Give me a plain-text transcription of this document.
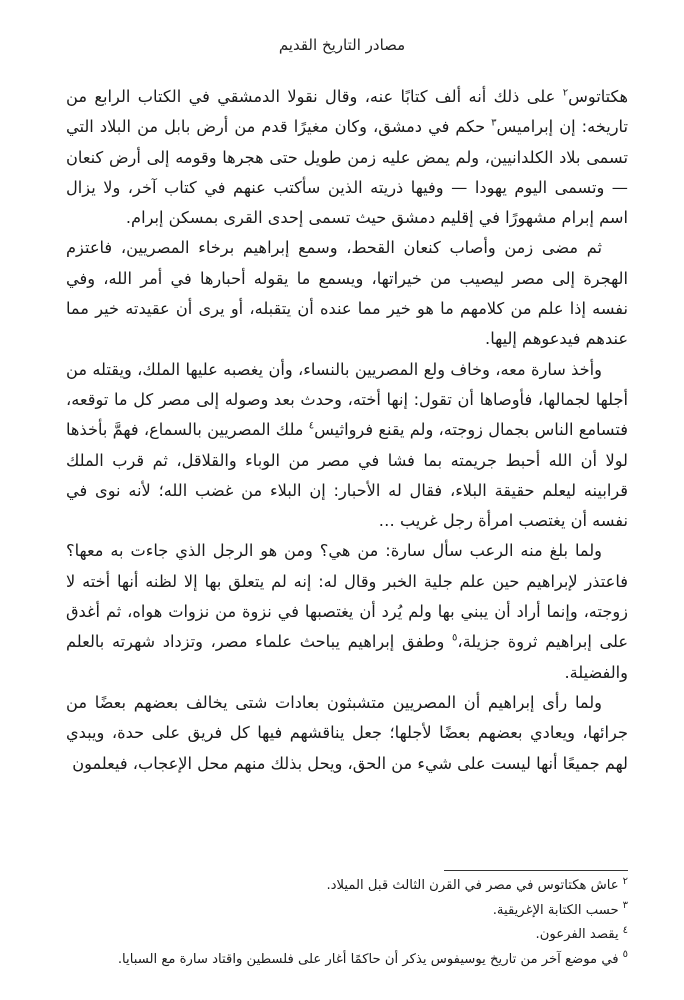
مصادر التاريخ القديم

هكتاتوس$^٢$ على ذلك أنه ألف كتابًا عنه، وقال نقولا الدمشقي في الكتاب الرابع من تاريخه: إن إبراميس$^٣$ حكم في دمشق، وكان مغيرًا قدم من أرض بابل من البلاد التي تسمى بلاد الكلدانيين، ولم يمض عليه زمن طويل حتى هجرها وقومه إلى أرض كنعان — وتسمى اليوم يهودا — وفيها ذريته الذين سأكتب عنهم في كتاب آخر، ولا يزال اسم إبرام مشهورًا في إقليم دمشق حيث تسمى إحدى القرى بمسكن إبرام.

ثم مضى زمن وأصاب كنعان القحط، وسمع إبراهيم برخاء المصريين، فاعتزم الهجرة إلى مصر ليصيب من خيراتها، ويسمع ما يقوله أحبارها في أمر الله، وفي نفسه إذا علم من كلامهم ما هو خير مما عنده أن يتقبله، أو يرى أن عقيدته خير مما عندهم فيدعوهم إليها.

وأخذ سارة معه، وخاف ولع المصريين بالنساء، وأن يغصبه عليها الملك، ويقتله من أجلها لجمالها، فأوصاها أن تقول: إنها أخته، وحدث بعد وصوله إلى مصر كل ما توقعه، فتسامع الناس بجمال زوجته، ولم يقنع فرواثيس$^٤$ ملك المصريين بالسماع، فهمَّ بأخذها لولا أن الله أحبط جريمته بما فشا في مصر من الوباء والقلاقل، ثم قرب الملك قرابينه ليعلم حقيقة البلاء، فقال له الأحبار: إن البلاء من غضب الله؛ لأنه نوى في نفسه أن يغتصب امرأة رجل غريب …

ولما بلغ منه الرعب سأل سارة: من هي؟ ومن هو الرجل الذي جاءت به معها؟ فاعتذر لإبراهيم حين علم جلية الخبر وقال له: إنه لم يتعلق بها إلا لظنه أنها أخته لا زوجته، وإنما أراد أن يبني بها ولم يُرد أن يغتصبها في نزوة من نزوات هواه، ثم أغدق على إبراهيم ثروة جزيلة،$^٥$ وطفق إبراهيم يباحث علماء مصر، وتزداد شهرته بالعلم والفضيلة.

ولما رأى إبراهيم أن المصريين متشبثون بعادات شتى يخالف بعضهم بعضًا من جرائها، ويعادي بعضهم بعضًا لأجلها؛ جعل يناقشهم فيها كل فريق على حدة، ويبدي لهم جميعًا أنها ليست على شيء من الحق، ويحل بذلك منهم محل الإعجاب، فيعلمون

$^٢$عاش هكتاتوس في مصر في القرن الثالث قبل الميلاد.

$^٣$حسب الكتابة الإغريقية.

$^٤$يقصد الفرعون.

$^٥$في موضع آخر من تاريخ يوسيفوس يذكر أن حاكمًا أغار على فلسطين واقتاد سارة مع السبايا.
